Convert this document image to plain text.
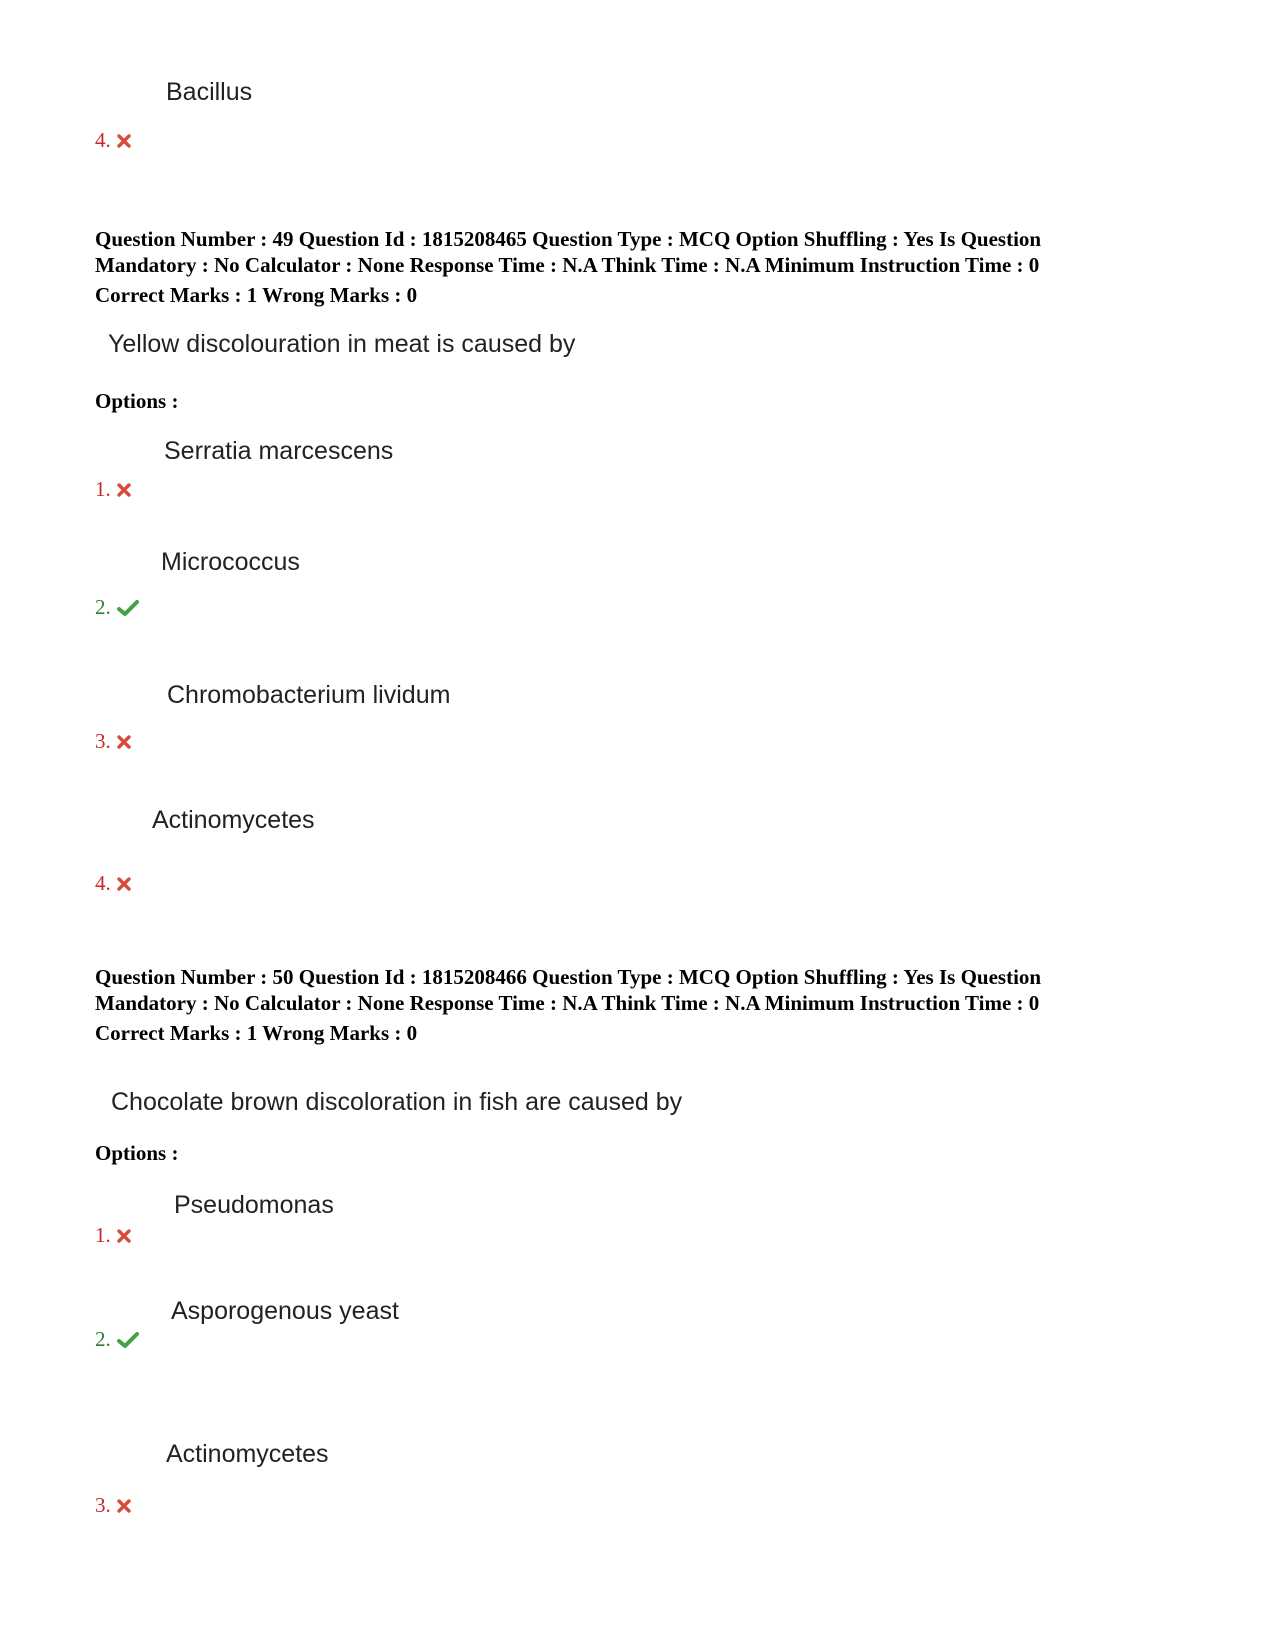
Bacillus
4.
Question Number : 49 Question Id : 1815208465 Question Type : MCQ Option Shuffling : Yes Is Question
Mandatory : No Calculator : None Response Time : N.A Think Time : N.A Minimum Instruction Time : 0
Correct Marks : 1 Wrong Marks : 0
Yellow discolouration in meat is caused by
Options :
Serratia marcescens
1.
Micrococcus
2.
Chromobacterium lividum
3.
Actinomycetes
4.
Question Number : 50 Question Id : 1815208466 Question Type : MCQ Option Shuffling : Yes Is Question
Mandatory : No Calculator : None Response Time : N.A Think Time : N.A Minimum Instruction Time : 0
Correct Marks : 1 Wrong Marks : 0
Chocolate brown discoloration in fish are caused by
Options :
Pseudomonas
1.
Asporogenous yeast
2.
Actinomycetes
3.
